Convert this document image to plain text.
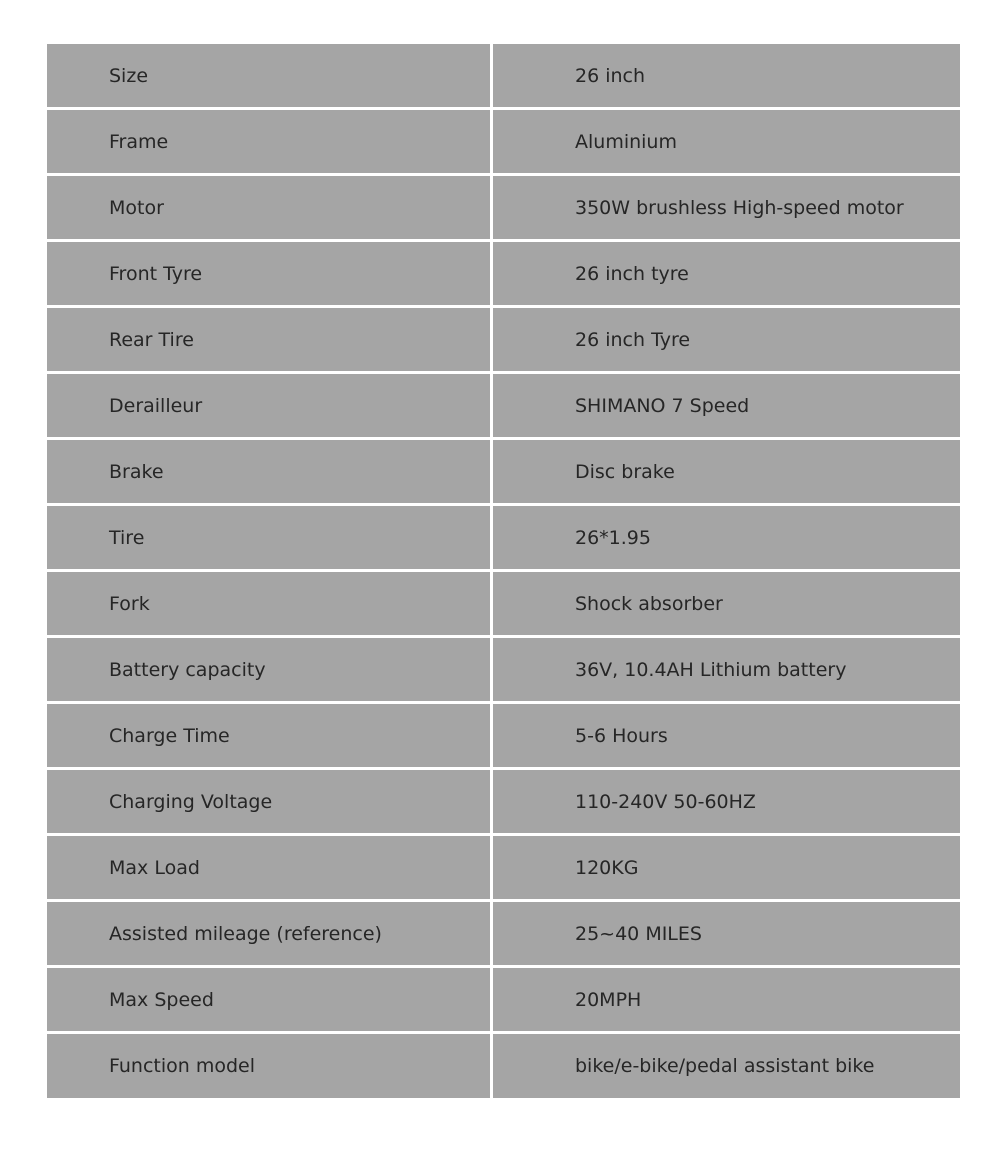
Size	26 inch
Frame	Aluminium
Motor	350W brushless High-speed motor
Front Tyre	26 inch tyre
Rear Tire	26 inch Tyre
Derailleur	SHIMANO 7 Speed
Brake	Disc brake
Tire	26*1.95
Fork	Shock absorber
Battery capacity	36V, 10.4AH Lithium battery
Charge Time	5-6 Hours
Charging Voltage	110-240V 50-60HZ
Max Load	120KG
Assisted mileage (reference)	25~40 MILES
Max Speed	20MPH
Function model	bike/e-bike/pedal assistant bike
